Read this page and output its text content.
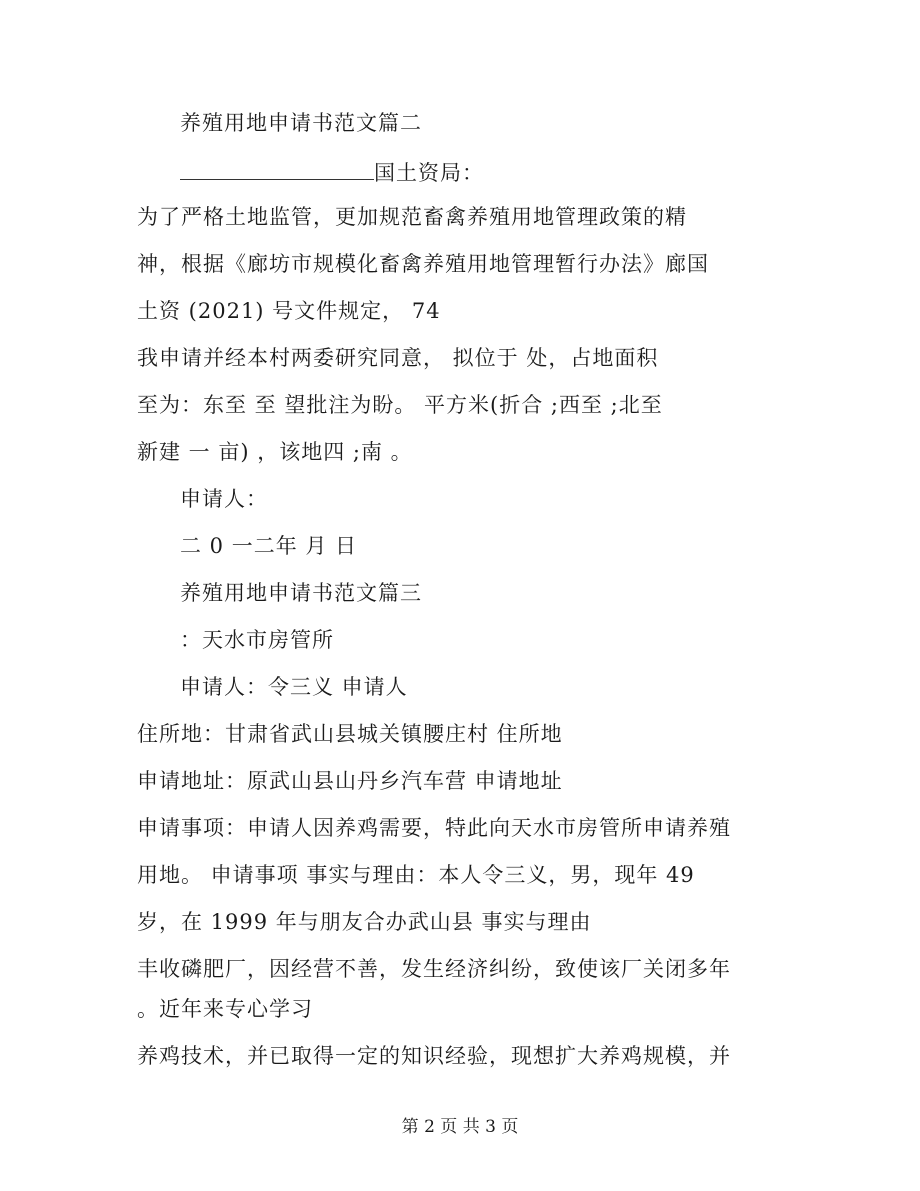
养殖用地申请书范文篇二
国土资局：
为了严格土地监管，更加规范畜禽养殖用地管理政策的精
神，根据《廊坊市规模化畜禽养殖用地管理暂行办法》廊国
土资 (2021) 号文件规定， 74
我申请并经本村两委研究同意， 拟位于 处，占地面积
至为：东至 至 望批注为盼。 平方米(折合 ;西至 ;北至
新建 一 亩) ，该地四 ;南 。
申请人：
二 0 一二年 月 日
养殖用地申请书范文篇三
：天水市房管所
申请人：令三义 申请人
住所地：甘肃省武山县城关镇腰庄村 住所地
申请地址：原武山县山丹乡汽车营 申请地址
申请事项：申请人因养鸡需要，特此向天水市房管所申请养殖
用地。 申请事项 事实与理由：本人令三义，男，现年 49
岁，在 1999 年与朋友合办武山县 事实与理由
丰收磷肥厂，因经营不善，发生经济纠纷，致使该厂关闭多年
。近年来专心学习
养鸡技术，并已取得一定的知识经验，现想扩大养鸡规模，并
第 2 页 共 3 页
